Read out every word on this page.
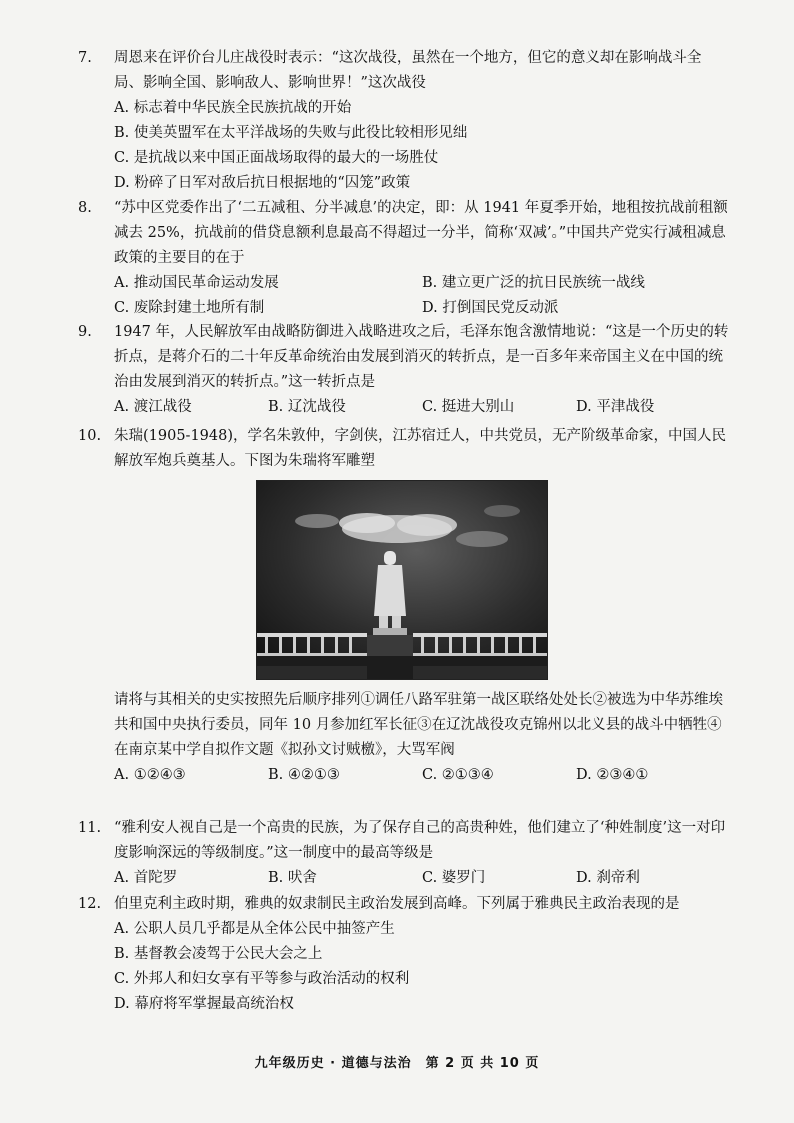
7. 周恩来在评价台儿庄战役时表示：“这次战役，虽然在一个地方，但它的意义却在影响战斗全局、影响全国、影响敌人、影响世界！”这次战役
A. 标志着中华民族全民族抗战的开始
B. 使美英盟军在太平洋战场的失败与此役比较相形见绌
C. 是抗战以来中国正面战场取得的最大的一场胜仗
D. 粉碎了日军对敌后抗日根据地的“囚笼”政策
8. “苏中区党委作出了‘二五减租、分半减息’的决定，即：从 1941 年夏季开始，地租按抗战前租额减去 25%，抗战前的借贷息额利息最高不得超过一分半，简称‘双减’。”中国共产党实行减租减息政策的主要目的在于
A. 推动国民革命运动发展	B. 建立更广泛的抗日民族统一战线
C. 废除封建土地所有制	D. 打倒国民党反动派
9. 1947 年，人民解放军由战略防御进入战略进攻之后，毛泽东饱含激情地说：“这是一个历史的转折点，是蒋介石的二十年反革命统治由发展到消灭的转折点，是一百多年来帝国主义在中国的统治由发展到消灭的转折点。”这一转折点是
A. 渡江战役	B. 辽沈战役	C. 挺进大别山	D. 平津战役
10. 朱瑞(1905-1948)，学名朱敦仲，字剑侠，江苏宿迁人，中共党员，无产阶级革命家，中国人民解放军炮兵奠基人。下图为朱瑞将军雕塑
请将与其相关的史实按照先后顺序排列①调任八路军驻第一战区联络处处长②被选为中华苏维埃共和国中央执行委员，同年 10 月参加红军长征③在辽沈战役攻克锦州以北义县的战斗中牺牲④在南京某中学自拟作文题《拟孙文讨贼檄》，大骂军阀
A. ①②④③	B. ④②①③	C. ②①③④	D. ②③④①
11. “雅利安人视自己是一个高贵的民族，为了保存自己的高贵种姓，他们建立了‘种姓制度’这一对印度影响深远的等级制度。”这一制度中的最高等级是
A. 首陀罗	B. 吠舍	C. 婆罗门	D. 刹帝利
12. 伯里克利主政时期，雅典的奴隶制民主政治发展到高峰。下列属于雅典民主政治表现的是
A. 公职人员几乎都是从全体公民中抽签产生
B. 基督教会凌驾于公民大会之上
C. 外邦人和妇女享有平等参与政治活动的权利
D. 幕府将军掌握最高统治权
九年级历史 · 道德与法治　第 2 页 共 10 页
